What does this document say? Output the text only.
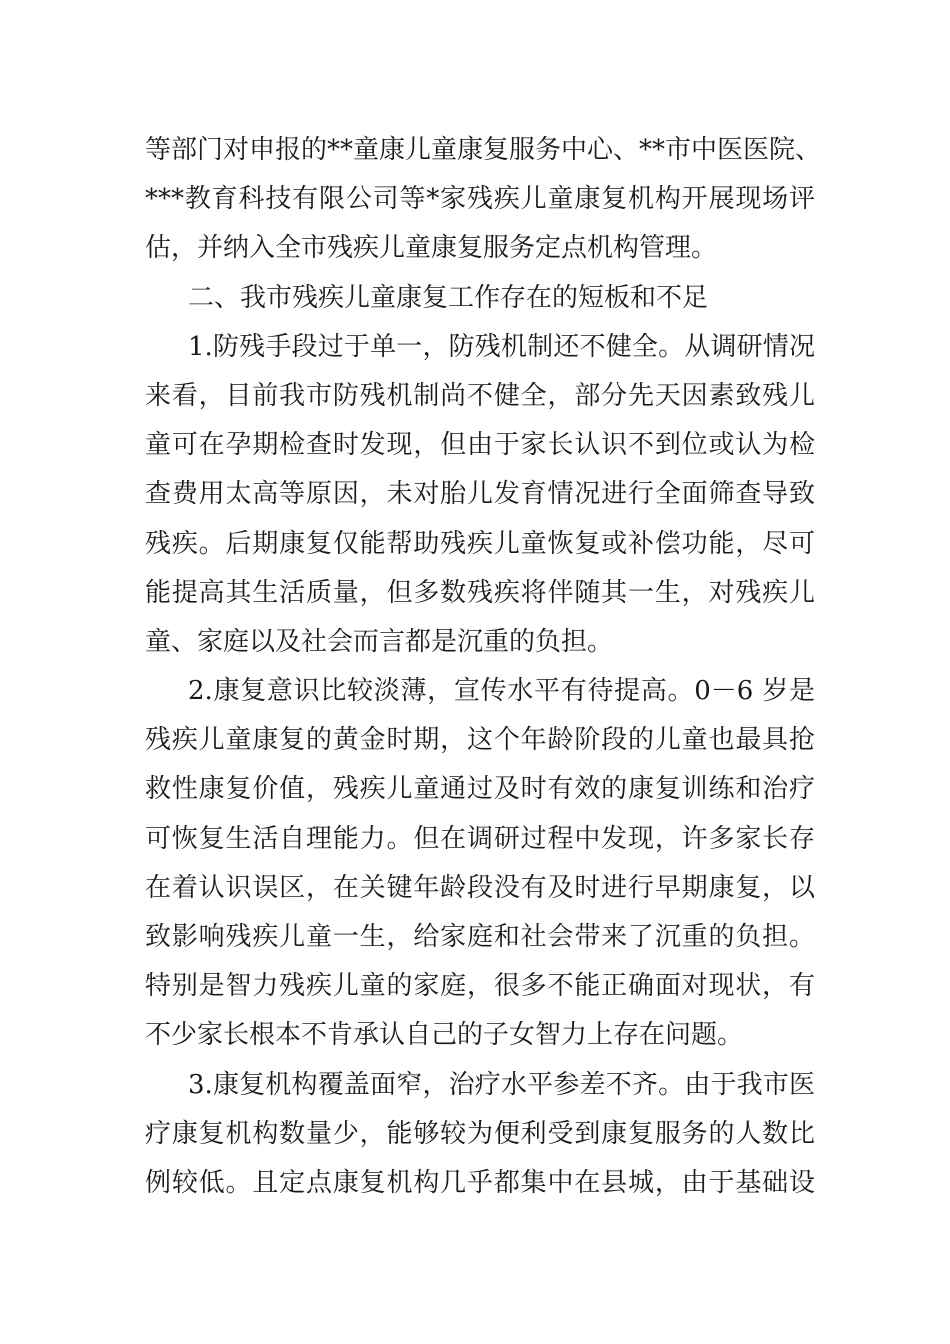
等部门对申报的**童康儿童康复服务中心、**市中医医院、
***教育科技有限公司等*家残疾儿童康复机构开展现场评
估，并纳入全市残疾儿童康复服务定点机构管理。
二、我市残疾儿童康复工作存在的短板和不足
1.防残手段过于单一，防残机制还不健全。从调研情况
来看，目前我市防残机制尚不健全，部分先天因素致残儿
童可在孕期检查时发现，但由于家长认识不到位或认为检
查费用太高等原因，未对胎儿发育情况进行全面筛查导致
残疾。后期康复仅能帮助残疾儿童恢复或补偿功能，尽可
能提高其生活质量，但多数残疾将伴随其一生，对残疾儿
童、家庭以及社会而言都是沉重的负担。
2.康复意识比较淡薄，宣传水平有待提高。0－6 岁是
残疾儿童康复的黄金时期，这个年龄阶段的儿童也最具抢
救性康复价值，残疾儿童通过及时有效的康复训练和治疗
可恢复生活自理能力。但在调研过程中发现，许多家长存
在着认识误区，在关键年龄段没有及时进行早期康复，以
致影响残疾儿童一生，给家庭和社会带来了沉重的负担。
特别是智力残疾儿童的家庭，很多不能正确面对现状，有
不少家长根本不肯承认自己的子女智力上存在问题。
3.康复机构覆盖面窄，治疗水平参差不齐。由于我市医
疗康复机构数量少，能够较为便利受到康复服务的人数比
例较低。且定点康复机构几乎都集中在县城，由于基础设
